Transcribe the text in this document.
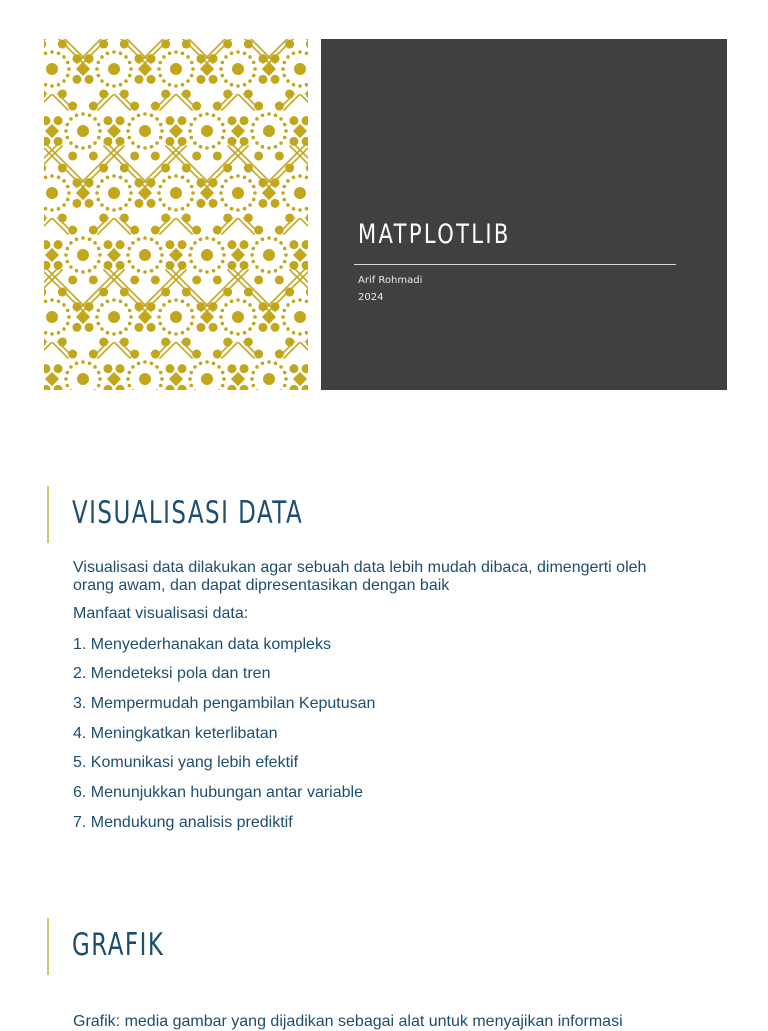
MATPLOTLIB
Arif Rohmadi
2024
VISUALISASI DATA
Visualisasi data dilakukan agar sebuah data lebih mudah dibaca, dimengerti oleh orang awam, dan dapat dipresentasikan dengan baik
Manfaat visualisasi data:
1. Menyederhanakan data kompleks
2. Mendeteksi pola dan tren
3. Mempermudah pengambilan Keputusan
4. Meningkatkan keterlibatan
5. Komunikasi yang lebih efektif
6. Menunjukkan hubungan antar variable
7. Mendukung analisis prediktif
GRAFIK
Grafik: media gambar yang dijadikan sebagai alat untuk menyajikan informasi
